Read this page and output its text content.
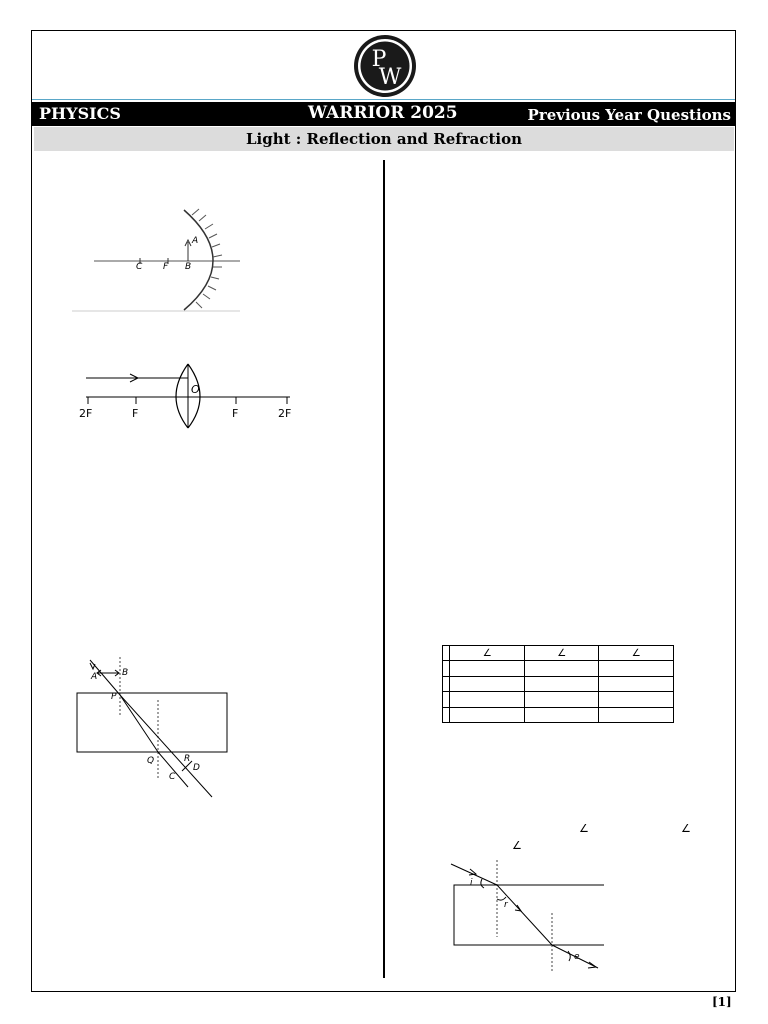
P
W
PHYSICS	WARRIOR 2025	Previous Year Questions
Light : Reflection and Refraction
C F B
A
O
2F	F	F	2F
A	B
P
Q	R
C
D
	∠	∠	∠

∠	∠
∠
i
r
e
[1]
